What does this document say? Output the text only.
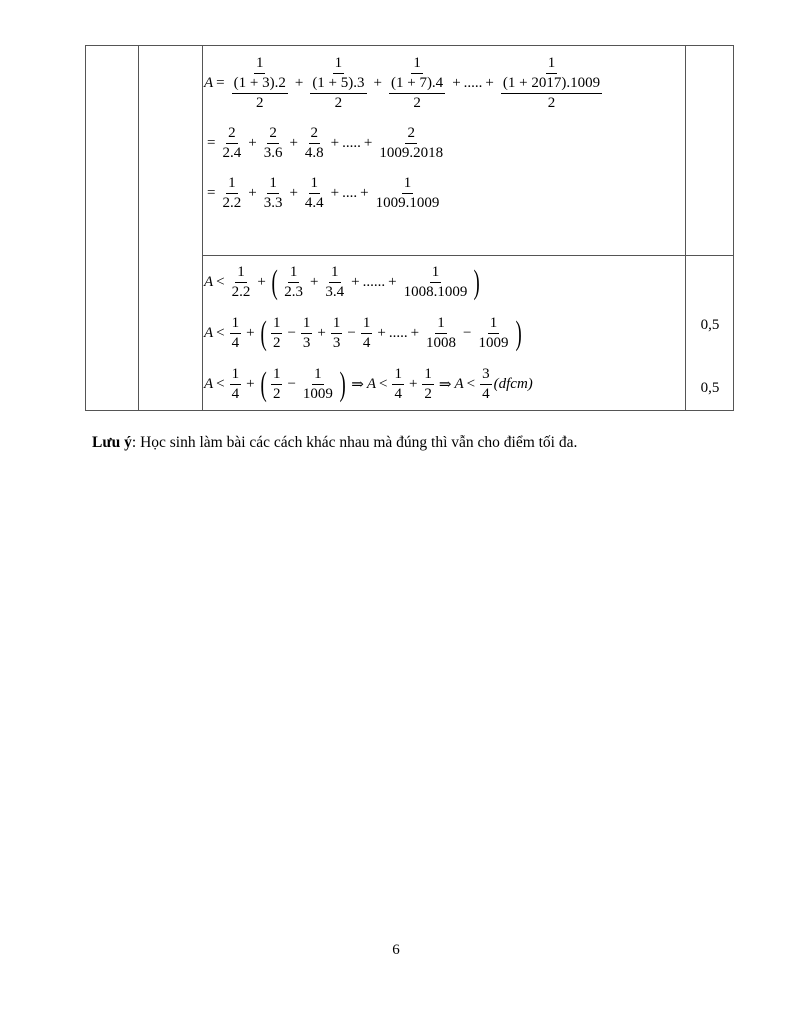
$A = \frac{1}{\frac{(1 + 3).2}{2}} + \frac{1}{\frac{(1 + 5).3}{2}} + \frac{1}{\frac{(1 + 7).4}{2}}$ + ..... + $\frac{1}{\frac{(1 + 2017).1009}{2}}$
= $\frac{2}{2.4} + \frac{2}{3.6} + \frac{2}{4.8}$ + ..... + $\frac{2}{1009.2018}$
= $\frac{1}{2.2} + \frac{1}{3.3} + \frac{1}{4.4}$ + .... + $\frac{1}{1009.1009}$
$A < \frac{1}{2.2}$ + ( $\frac{1}{2.3} + \frac{1}{3.4}$ + ...... + $\frac{1}{1008.1009}$ )
$A < \frac{1}{4}$ + ( $\frac{1}{2} - \frac{1}{3} + \frac{1}{3} - \frac{1}{4}$ + ..... + $\frac{1}{1008} - \frac{1}{1009}$ )
$A < \frac{1}{4}$ + ( $\frac{1}{2} - \frac{1}{1009}$ ) ⇒ $A < \frac{1}{4} + \frac{1}{2}$ ⇒ $A < \frac{3}{4}$ (dfcm)
0,5
0,5
Lưu ý: Học sinh làm bài các cách khác nhau mà đúng thì vẫn cho điểm tối đa.
6
